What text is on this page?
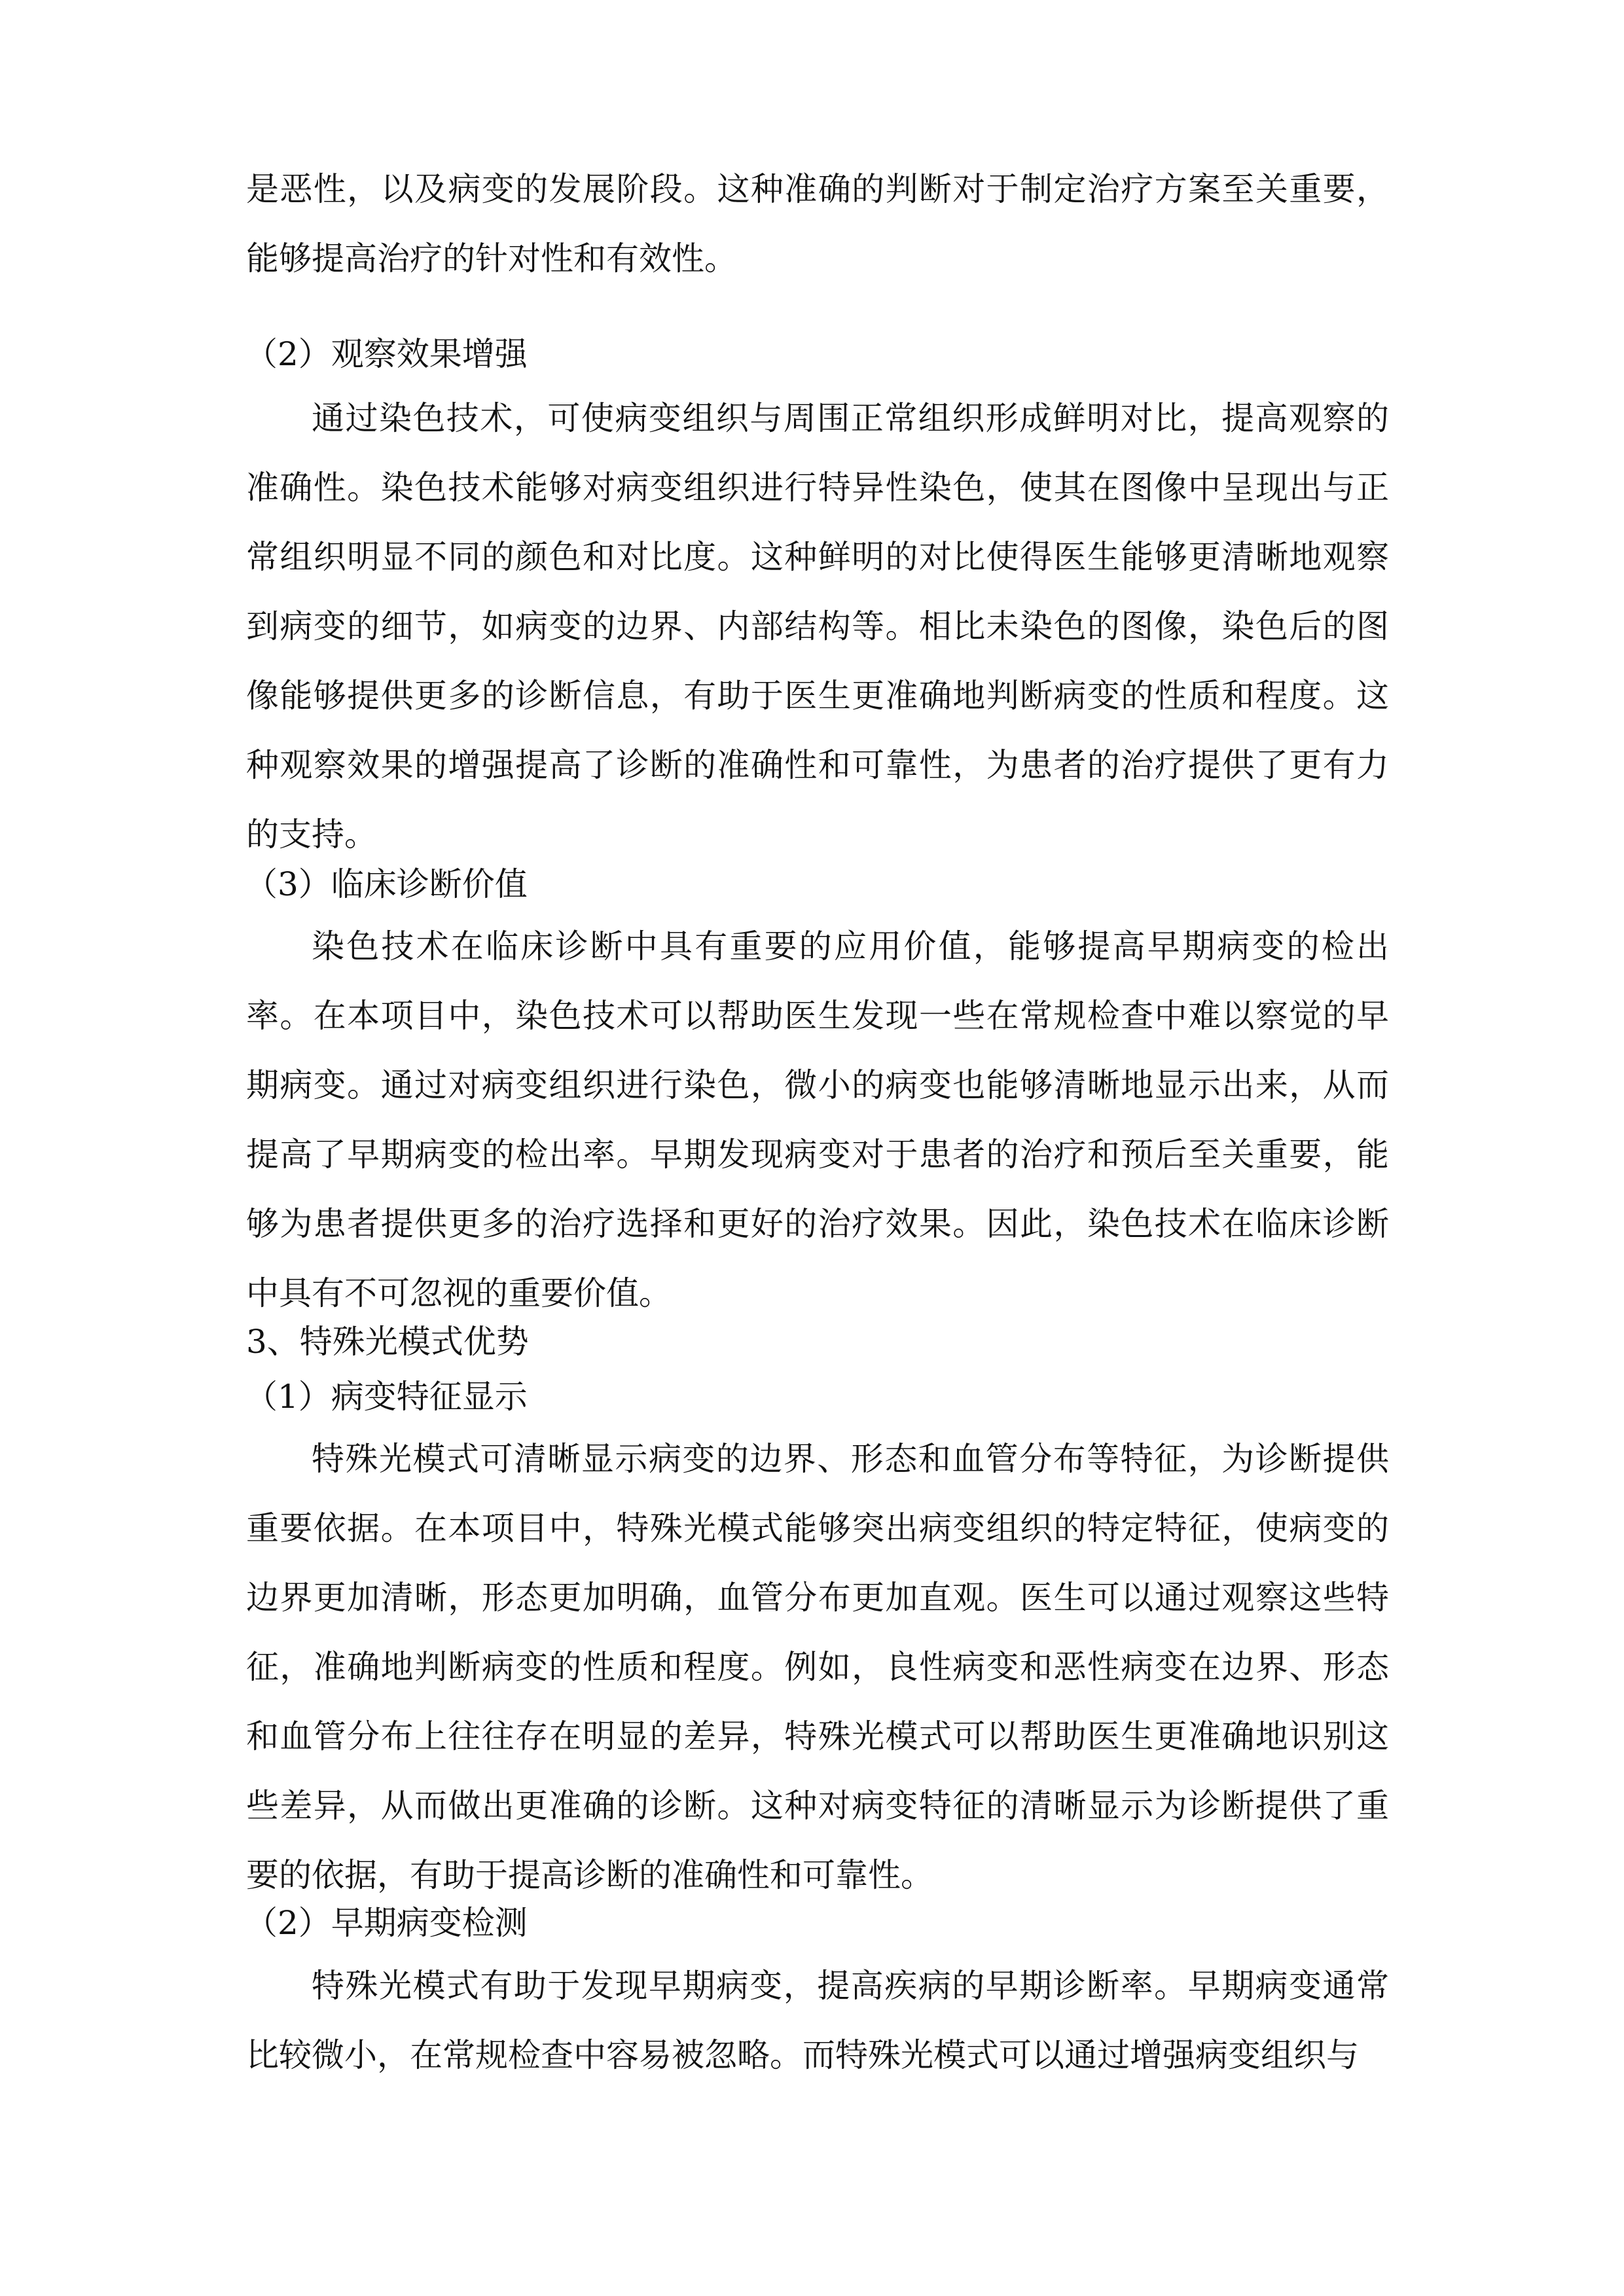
是恶性，以及病变的发展阶段。这种准确的判断对于制定治疗方案至关重要，能够提高治疗的针对性和有效性。

（2）观察效果增强

通过染色技术，可使病变组织与周围正常组织形成鲜明对比，提高观察的准确性。染色技术能够对病变组织进行特异性染色，使其在图像中呈现出与正常组织明显不同的颜色和对比度。这种鲜明的对比使得医生能够更清晰地观察到病变的细节，如病变的边界、内部结构等。相比未染色的图像，染色后的图像能够提供更多的诊断信息，有助于医生更准确地判断病变的性质和程度。这种观察效果的增强提高了诊断的准确性和可靠性，为患者的治疗提供了更有力的支持。

（3）临床诊断价值

染色技术在临床诊断中具有重要的应用价值，能够提高早期病变的检出率。在本项目中，染色技术可以帮助医生发现一些在常规检查中难以察觉的早期病变。通过对病变组织进行染色，微小的病变也能够清晰地显示出来，从而提高了早期病变的检出率。早期发现病变对于患者的治疗和预后至关重要，能够为患者提供更多的治疗选择和更好的治疗效果。因此，染色技术在临床诊断中具有不可忽视的重要价值。

3、特殊光模式优势

（1）病变特征显示

特殊光模式可清晰显示病变的边界、形态和血管分布等特征，为诊断提供重要依据。在本项目中，特殊光模式能够突出病变组织的特定特征，使病变的边界更加清晰，形态更加明确，血管分布更加直观。医生可以通过观察这些特征，准确地判断病变的性质和程度。例如，良性病变和恶性病变在边界、形态和血管分布上往往存在明显的差异，特殊光模式可以帮助医生更准确地识别这些差异，从而做出更准确的诊断。这种对病变特征的清晰显示为诊断提供了重要的依据，有助于提高诊断的准确性和可靠性。

（2）早期病变检测

特殊光模式有助于发现早期病变，提高疾病的早期诊断率。早期病变通常比较微小，在常规检查中容易被忽略。而特殊光模式可以通过增强病变组织与
